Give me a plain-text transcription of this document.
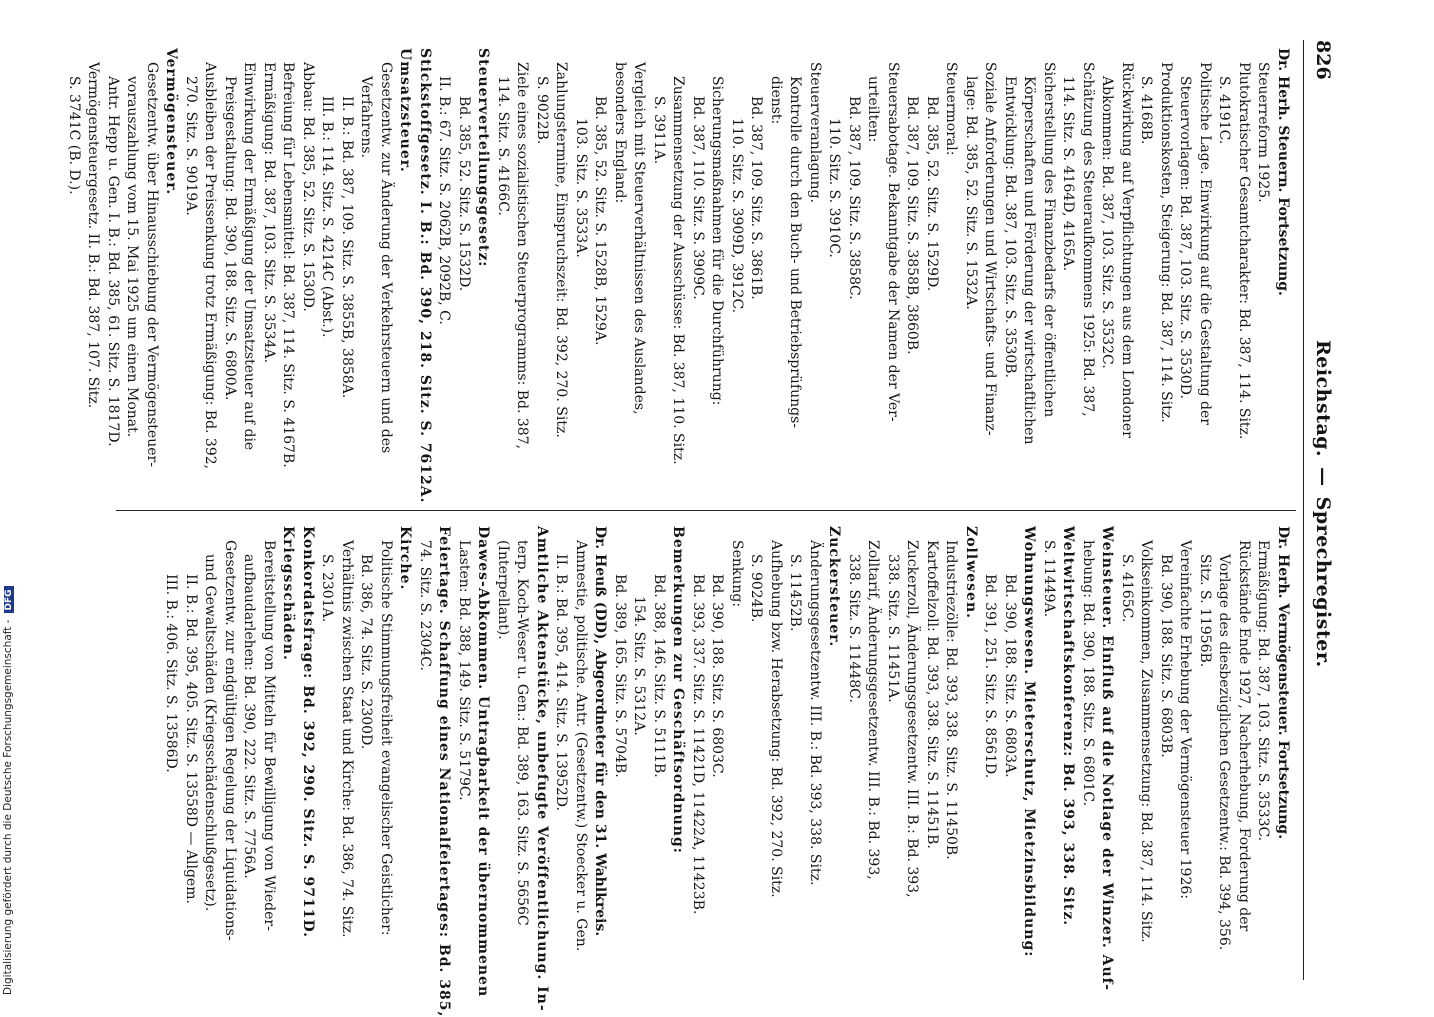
826
Reichstag.—Sprechregister.
Dr. Herh. Steuern. Fortsetzung.
Steuerreform 1925.
Plutokratischer Gesamtcharakter: Bd. 387, 114. Sitz.
S. 4191C.
Politische Lage. Einwirkung auf die Gestaltung der
Steuervorlagen: Bd. 387, 103. Sitz. S. 3530D.
Produktionskosten, Steigerung: Bd. 387, 114. Sitz.
S. 4168B.
Rückwirkung auf Verpflichtungen aus dem Londoner
Abkommen: Bd. 387, 103. Sitz. S. 3532C.
Schätzung des Steueraufkommens 1925: Bd. 387,
114. Sitz. S. 4164D, 4165A.
Sicherstellung des Finanzbedarfs der öffentlichen
Körperschaften und Förderung der wirtschaftlichen
Entwicklung: Bd. 387, 103. Sitz. S. 3530B.
Soziale Anforderungen und Wirtschafts- und Finanz-
lage: Bd. 385, 52. Sitz. S. 1532A.
Steuermoral:
Bd. 385, 52. Sitz. S. 1529D.
Bd. 387, 109. Sitz. S. 3858B, 3860B.
Steuersabotage. Bekanntgabe der Namen der Ver-
urteilten:
Bd. 387, 109. Sitz. S. 3858C.
110. Sitz. S. 3910C.
Steuerveranlagung.
Kontrolle durch den Buch- und Betriebsprüfungs-
dienst:
Bd. 387, 109. Sitz. S. 3861B.
110. Sitz. S. 3909D, 3912C.
Sicherungsmaßnahmen für die Durchführung:
Bd. 387, 110. Sitz. S. 3909C.
Zusammensetzung der Ausschüsse: Bd. 387, 110. Sitz.
S. 3911A.
Vergleich mit Steuerverhältnissen des Auslandes,
besonders England:
Bd. 385, 52. Sitz. S. 1528B, 1529A.
103. Sitz. S. 3533A.
Zahlungstermine, Einspruchszeit: Bd. 392, 270. Sitz.
S. 9022B.
Ziele eines sozialistischen Steuerprogramms: Bd. 387,
114. Sitz. S. 4166C.
Steuerverteilungsgesetz:
Bd. 385, 52. Sitz. S. 1532D.
II. B.: 67. Sitz. S. 2062B, 2092B, C.
Stickstoffgesetz. I. B.: Bd. 390, 218. Sitz. S. 7612A.
Umsatzsteuer.
Gesetzentw. zur Änderung der Verkehrsteuern und des
Verfahrens.
II. B.: Bd. 387, 109. Sitz. S. 3855B, 3858A.
III. B.: 114. Sitz. S. 4214C (Abst.).
Abbau: Bd. 385, 52. Sitz. S. 1530D.
Befreiung für Lebensmittel: Bd. 387, 114. Sitz. S. 4167B.
Ermäßigung: Bd. 387, 103. Sitz. S. 3534A.
Einwirkung der Ermäßigung der Umsatzsteuer auf die
Preisgestaltung: Bd. 390, 188. Sitz. S. 6800A.
Ausbleiben der Preissenkung trotz Ermäßigung: Bd. 392,
270. Sitz. S. 9019A.
Vermögensteuer.
Gesetzentw. über Hinausschiebung der Vermögensteuer-
vorauszahlung vom 15. Mai 1925 um einen Monat.
Antr. Hepp u. Gen. I. B.: Bd. 385, 61. Sitz. S. 1817D.
Vermögensteuergesetz. II. B.: Bd. 387, 107. Sitz.
S. 3741C (B. D.).
Dr. Herh. Vermögensteuer. Fortsetzung.
Ermäßigung: Bd. 387, 103. Sitz. S. 3533C.
Rückstände Ende 1927, Nacherhebung, Forderung der
Vorlage des diesbezüglichen Gesetzentw.: Bd. 394, 356.
Sitz. S. 11956B.
Vereinfachte Erhebung der Vermögensteuer 1926:
Bd. 390, 188. Sitz. S. 6803B.
Volkseinkommen, Zusammensetzung: Bd. 387, 114. Sitz.
S. 4165C.
Weinsteuer. Einfluß auf die Notlage der Winzer. Auf-
hebung: Bd. 390, 188. Sitz. S. 6801C.
Weltwirtschaftskonferenz: Bd. 393, 338. Sitz.
S. 11449A.
Wohnungswesen. Mieterschutz, Mietzinsbildung:
Bd. 390, 188. Sitz. S. 6803A.
Bd. 391, 251. Sitz. S. 8561D.
Zollwesen.
Industriezölle: Bd. 393, 338. Sitz. S. 11450B.
Kartoffelzoll: Bd. 393, 338. Sitz. S. 11451B.
Zuckerzoll, Änderungsgesetzentw. III. B.: Bd. 393,
338. Sitz. S. 11451A.
Zolltarif, Änderungsgesetzentw. III. B.: Bd. 393,
338. Sitz. S. 11448C.
Zuckersteuer.
Änderungsgesetzentw. III. B.: Bd. 393, 338. Sitz.
S. 11452B.
Aufhebung bzw. Herabsetzung: Bd. 392, 270. Sitz.
S. 9024B.
Senkung:
Bd. 390, 188. Sitz. S. 6803C.
Bd. 393, 337. Sitz. S. 11421D, 11422A, 11423B.
Bemerkungen zur Geschäftsordnung:
Bd. 388, 146. Sitz. S. 5111B.
154. Sitz. S. 5312A.
Bd. 389, 165. Sitz. S. 5704B.
Dr. Heuß (DD), Abgeordneter für den 31. Wahlkreis.
Amnestie, politische. Antr. (Gesetzentw.) Stoecker u. Gen.
II. B.: Bd. 395, 414. Sitz. S. 13952D.
Amtliche Aktenstücke, unbefugte Veröffentlichung. In-
terp. Koch-Weser u. Gen.: Bd. 389, 163. Sitz. S. 5656C
(Interpellant).
Dawes-Abkommen. Untragbarkeit der übernommenen
Lasten: Bd. 388, 149. Sitz. S. 5179C.
Feiertage. Schaffung eines Nationalfeiertages: Bd. 385,
74. Sitz. S. 2304C.
Kirche.
Politische Stimmungsfreiheit evangelischer Geistlicher:
Bd. 386, 74. Sitz. S. 2300D.
Verhältnis zwischen Staat und Kirche: Bd. 386, 74. Sitz.
S. 2301A.
Konkordatsfrage: Bd. 392, 290. Sitz. S. 9711D.
Kriegsschäden.
Bereitstellung von Mitteln für Bewilligung von Wieder-
aufbaudarlehen: Bd. 390, 222. Sitz. S. 7756A.
Gesetzentw. zur endgültigen Regelung der Liquidations-
und Gewaltschäden (Kriegsschädenschlußgesetz).
II. B.: Bd. 395, 405. Sitz. S. 13558D — Allgem.
III. B.: 406. Sitz. S. 13586D.
Digitalisierung gefördert durch die Deutsche Forschungsgemeinschaft -DFG
